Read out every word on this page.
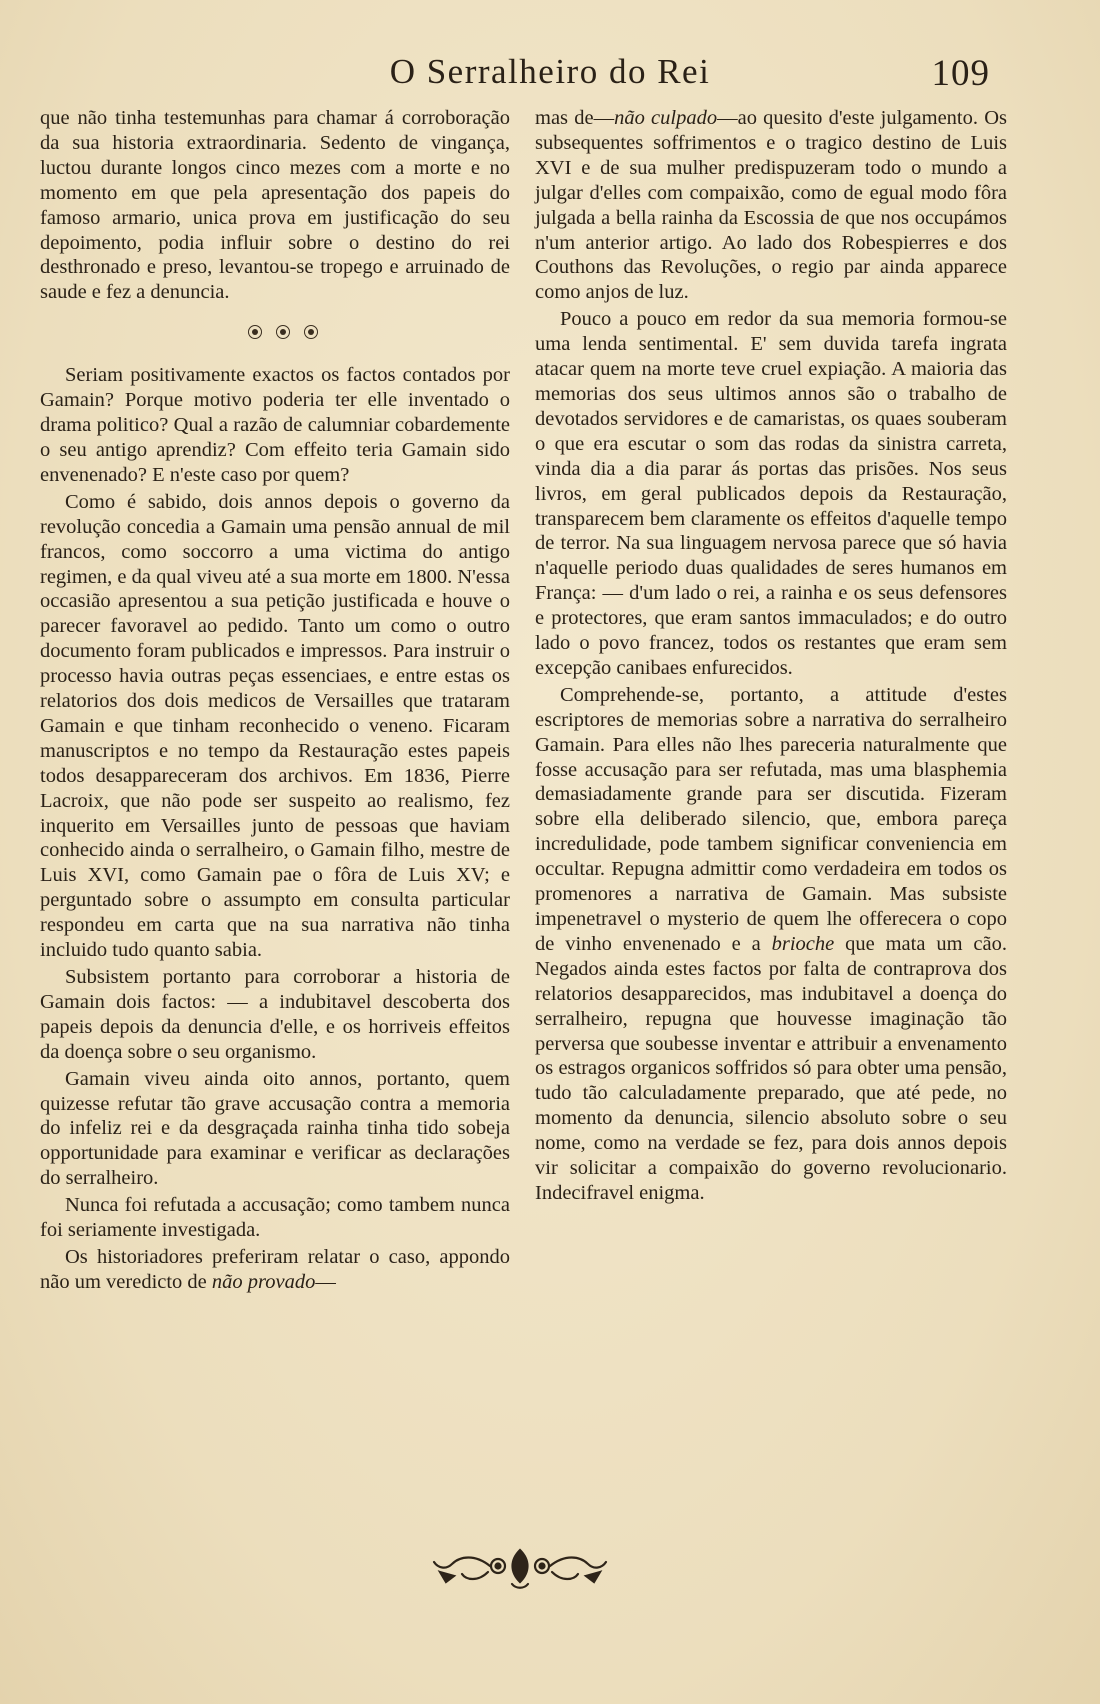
O Serralheiro do Rei	109

que não tinha testemunhas para chamar á corroboração da sua historia extraordinaria. Sedento de vingança, luctou durante longos cinco mezes com a morte e no momento em que pela apresentação dos papeis do famoso armario, unica prova em justificação do seu depoimento, podia influir sobre o destino do rei desthronado e preso, levantou-se tropego e arruinado de saude e fez a denuncia.

Seriam positivamente exactos os factos contados por Gamain? Porque motivo poderia ter elle inventado o drama politico? Qual a razão de calumniar cobardemente o seu antigo aprendiz? Com effeito teria Gamain sido envenenado? E n'este caso por quem?

Como é sabido, dois annos depois o governo da revolução concedia a Gamain uma pensão annual de mil francos, como soccorro a uma victima do antigo regimen, e da qual viveu até a sua morte em 1800. N'essa occasião apresentou a sua petição justificada e houve o parecer favoravel ao pedido. Tanto um como o outro documento foram publicados e impressos. Para instruir o processo havia outras peças essenciaes, e entre estas os relatorios dos dois medicos de Versailles que trataram Gamain e que tinham reconhecido o veneno. Ficaram manuscriptos e no tempo da Restauração estes papeis todos desappareceram dos archivos. Em 1836, Pierre Lacroix, que não pode ser suspeito ao realismo, fez inquerito em Versailles junto de pessoas que haviam conhecido ainda o serralheiro, o Gamain filho, mestre de Luis XVI, como Gamain pae o fôra de Luis XV; e perguntado sobre o assumpto em consulta particular respondeu em carta que na sua narrativa não tinha incluido tudo quanto sabia.

Subsistem portanto para corroborar a historia de Gamain dois factos: — a indubitavel descoberta dos papeis depois da denuncia d'elle, e os horriveis effeitos da doença sobre o seu organismo.

Gamain viveu ainda oito annos, portanto, quem quizesse refutar tão grave accusação contra a memoria do infeliz rei e da desgraçada rainha tinha tido sobeja opportunidade para examinar e verificar as declarações do serralheiro.

Nunca foi refutada a accusação; como tambem nunca foi seriamente investigada.

Os historiadores preferiram relatar o caso, appondo não um veredicto de não provado—

mas de—não culpado—ao quesito d'este julgamento. Os subsequentes soffrimentos e o tragico destino de Luis XVI e de sua mulher predispuzeram todo o mundo a julgar d'elles com compaixão, como de egual modo fôra julgada a bella rainha da Escossia de que nos occupámos n'um anterior artigo. Ao lado dos Robespierres e dos Couthons das Revoluções, o regio par ainda apparece como anjos de luz.

Pouco a pouco em redor da sua memoria formou-se uma lenda sentimental. E' sem duvida tarefa ingrata atacar quem na morte teve cruel expiação. A maioria das memorias dos seus ultimos annos são o trabalho de devotados servidores e de camaristas, os quaes souberam o que era escutar o som das rodas da sinistra carreta, vinda dia a dia parar ás portas das prisões. Nos seus livros, em geral publicados depois da Restauração, transparecem bem claramente os effeitos d'aquelle tempo de terror. Na sua linguagem nervosa parece que só havia n'aquelle periodo duas qualidades de seres humanos em França: — d'um lado o rei, a rainha e os seus defensores e protectores, que eram santos immaculados; e do outro lado o povo francez, todos os restantes que eram sem excepção canibaes enfurecidos.

Comprehende-se, portanto, a attitude d'estes escriptores de memorias sobre a narrativa do serralheiro Gamain. Para elles não lhes pareceria naturalmente que fosse accusação para ser refutada, mas uma blasphemia demasiadamente grande para ser discutida. Fizeram sobre ella deliberado silencio, que, embora pareça incredulidade, pode tambem significar conveniencia em occultar. Repugna admittir como verdadeira em todos os promenores a narrativa de Gamain. Mas subsiste impenetravel o mysterio de quem lhe offerecera o copo de vinho envenenado e a brioche que mata um cão. Negados ainda estes factos por falta de contraprova dos relatorios desapparecidos, mas indubitavel a doença do serralheiro, repugna que houvesse imaginação tão perversa que soubesse inventar e attribuir a envenamento os estragos organicos soffridos só para obter uma pensão, tudo tão calculadamente preparado, que até pede, no momento da denuncia, silencio absoluto sobre o seu nome, como na verdade se fez, para dois annos depois vir solicitar a compaixão do governo revolucionario. Indecifravel enigma.
